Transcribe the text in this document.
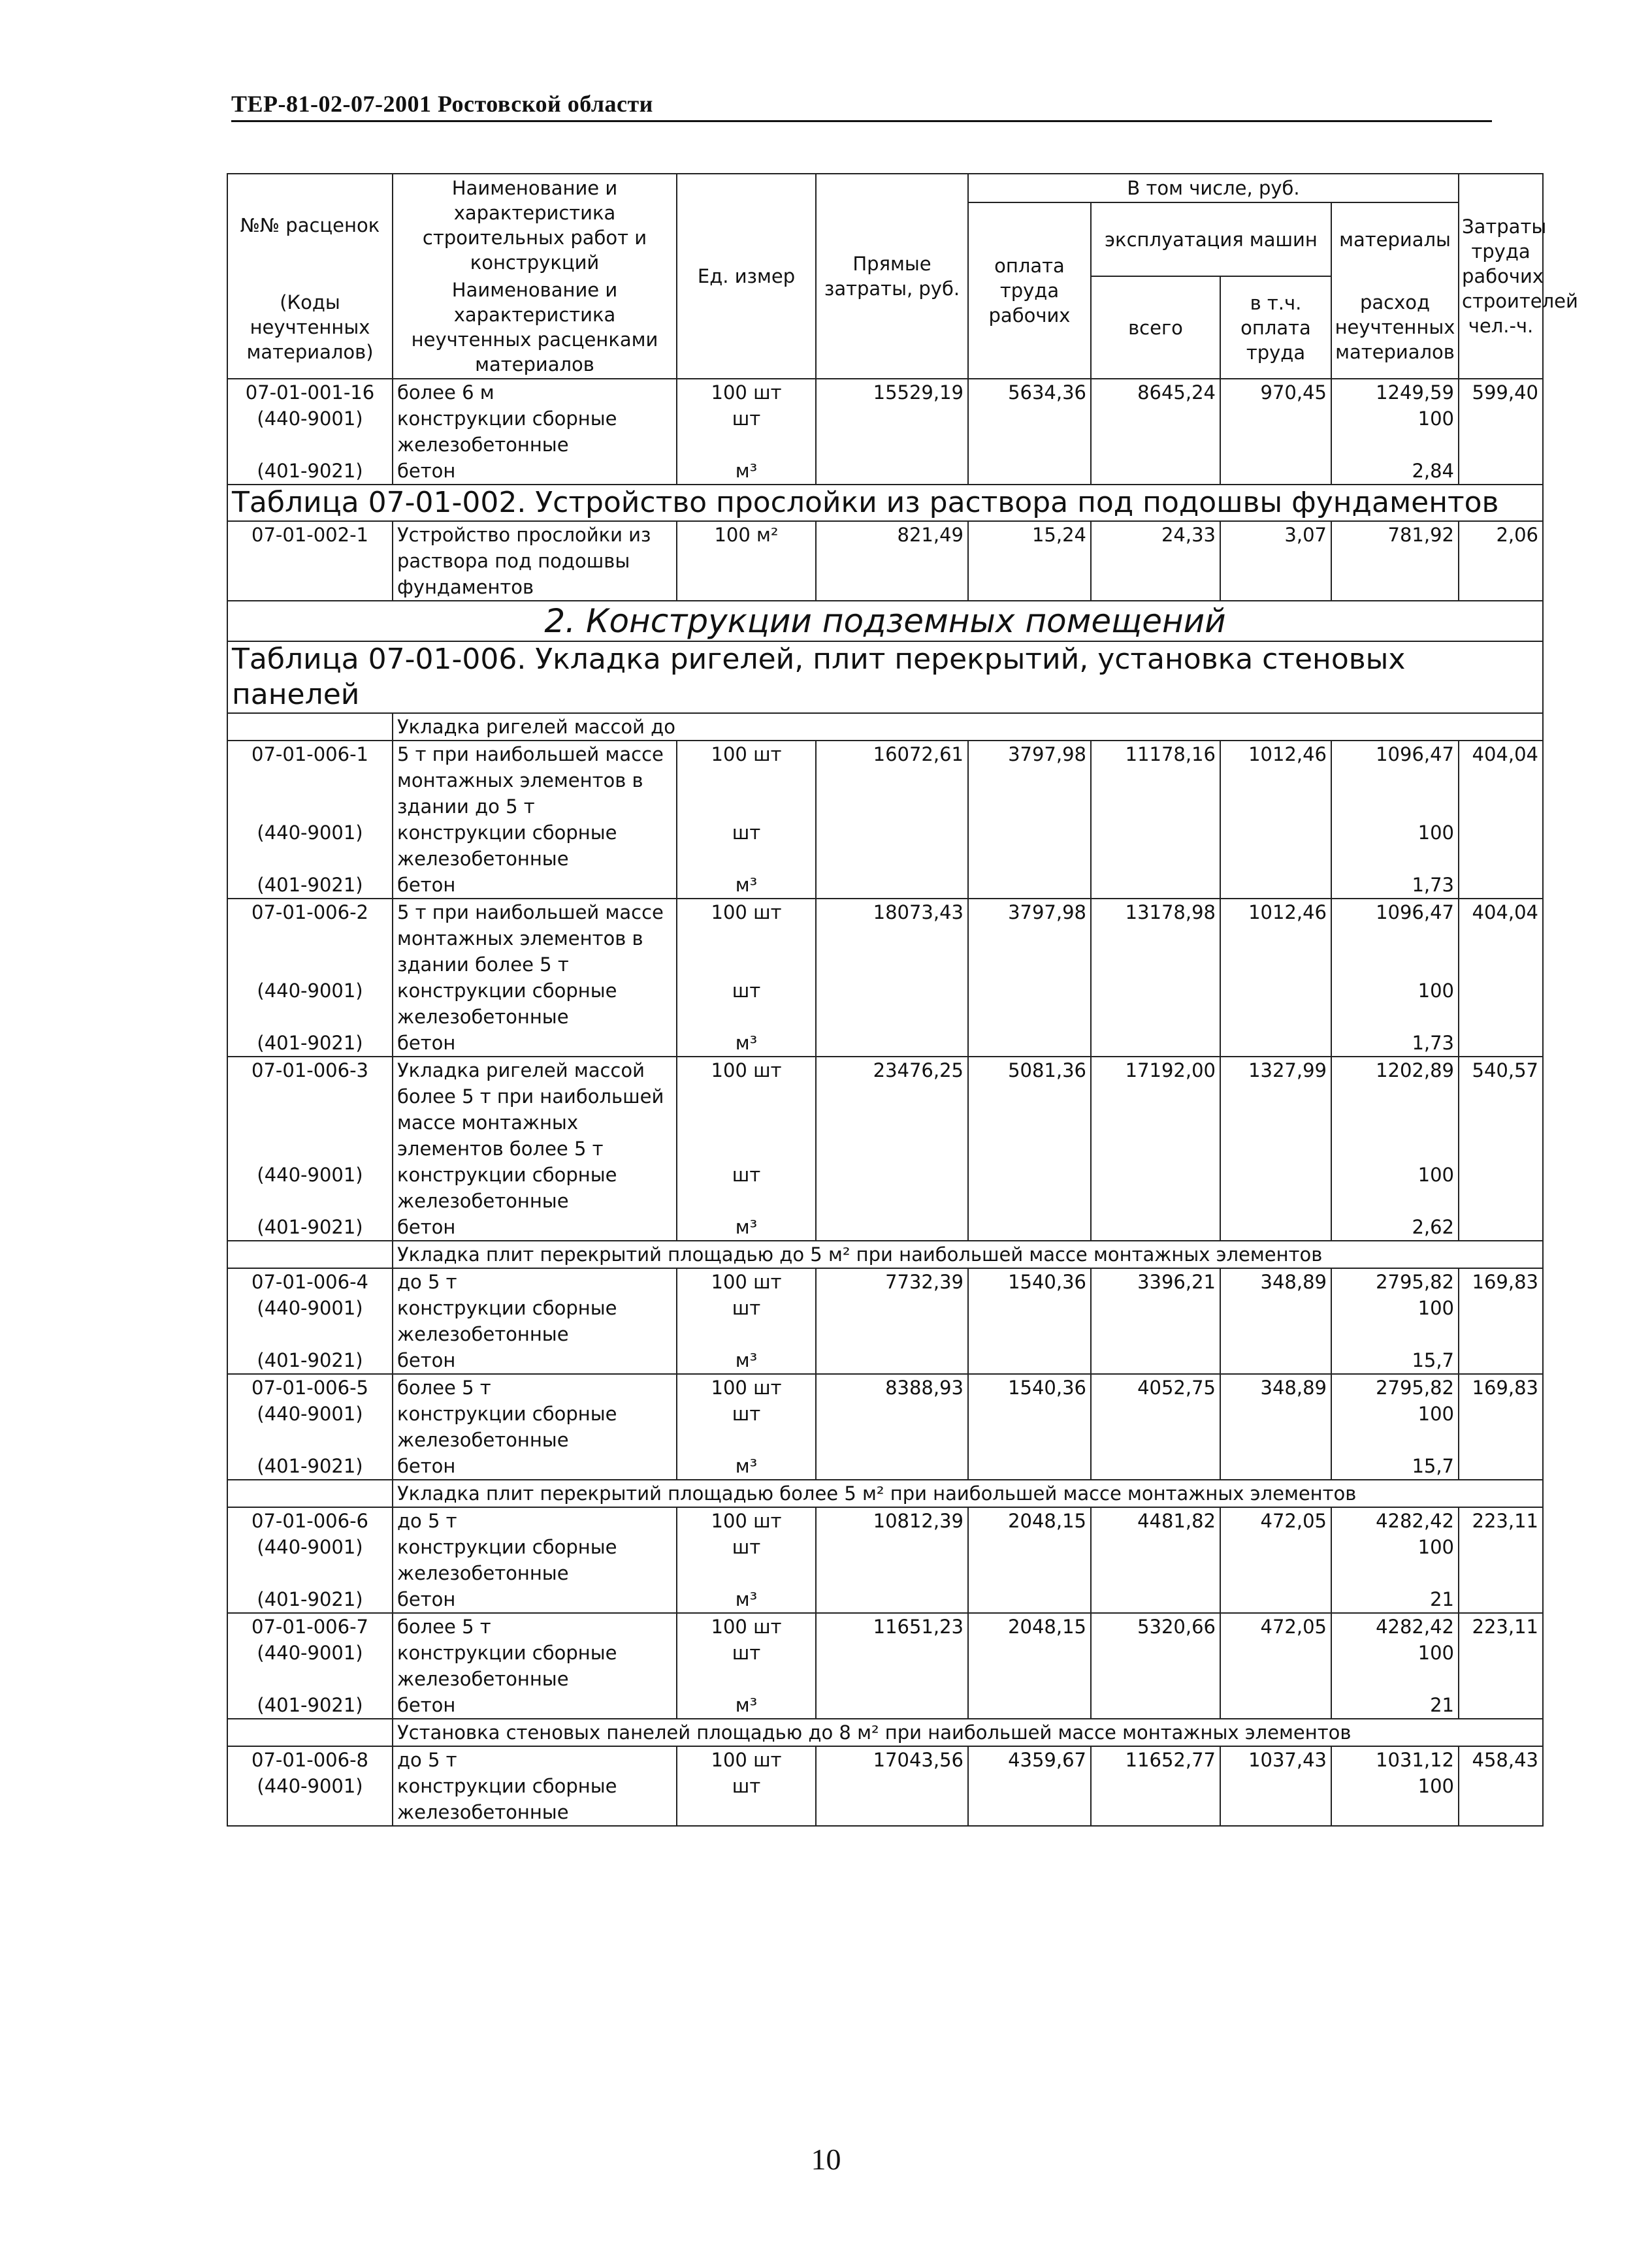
ТЕР-81-02-07-2001 Ростовской области
№№ расценок	Наименование и характеристика строительных работ и конструкций	Ед. измер	Прямые затраты, руб.	В том числе, руб.				Затраты труда рабочих строителей чел.-ч.
				оплата труда рабочих	эксплуатация машин		материалы	
(Коды неучтенных материалов)	Наименование и характеристика неучтенных расценками материалов				всего	в т.ч. оплата труда	расход неучтенных материалов	

07-01-001-16	более 6 м	100 шт	15529,19	5634,36	8645,24	970,45	1249,59	599,40
(440-9001)	конструкции сборные железобетонные	шт					100	
(401-9021)	бетон	м³					2,84	
Таблица 07-01-002. Устройство прослойки из раствора под подошвы фундаментов								
07-01-002-1	Устройство прослойки из раствора под подошвы фундаментов	100 м²	821,49	15,24	24,33	3,07	781,92	2,06
2. Конструкции подземных помещений								
Таблица 07-01-006. Укладка ригелей, плит перекрытий, установка стеновых панелей								
	Укладка ригелей массой до							
07-01-006-1	5 т при наибольшей массе монтажных элементов в здании до 5 т	100 шт	16072,61	3797,98	11178,16	1012,46	1096,47	404,04
(440-9001)	конструкции сборные железобетонные	шт					100	
(401-9021)	бетон	м³					1,73	
07-01-006-2	5 т при наибольшей массе монтажных элементов в здании более 5 т	100 шт	18073,43	3797,98	13178,98	1012,46	1096,47	404,04
(440-9001)	конструкции сборные железобетонные	шт					100	
(401-9021)	бетон	м³					1,73	
07-01-006-3	Укладка ригелей массой более 5 т при наибольшей массе монтажных элементов более 5 т	100 шт	23476,25	5081,36	17192,00	1327,99	1202,89	540,57
(440-9001)	конструкции сборные железобетонные	шт					100	
(401-9021)	бетон	м³					2,62	
	Укладка плит перекрытий площадью до 5 м² при наибольшей массе монтажных элементов							
07-01-006-4	до 5 т	100 шт	7732,39	1540,36	3396,21	348,89	2795,82	169,83
(440-9001)	конструкции сборные железобетонные	шт					100	
(401-9021)	бетон	м³					15,7	
07-01-006-5	более 5 т	100 шт	8388,93	1540,36	4052,75	348,89	2795,82	169,83
(440-9001)	конструкции сборные железобетонные	шт					100	
(401-9021)	бетон	м³					15,7	
	Укладка плит перекрытий площадью более 5 м² при наибольшей массе монтажных элементов							
07-01-006-6	до 5 т	100 шт	10812,39	2048,15	4481,82	472,05	4282,42	223,11
(440-9001)	конструкции сборные железобетонные	шт					100	
(401-9021)	бетон	м³					21	
07-01-006-7	более 5 т	100 шт	11651,23	2048,15	5320,66	472,05	4282,42	223,11
(440-9001)	конструкции сборные железобетонные	шт					100	
(401-9021)	бетон	м³					21	
	Установка стеновых панелей площадью до 8 м² при наибольшей массе монтажных элементов							
07-01-006-8	до 5 т	100 шт	17043,56	4359,67	11652,77	1037,43	1031,12	458,43
(440-9001)	конструкции сборные железобетонные	шт					100	
10
